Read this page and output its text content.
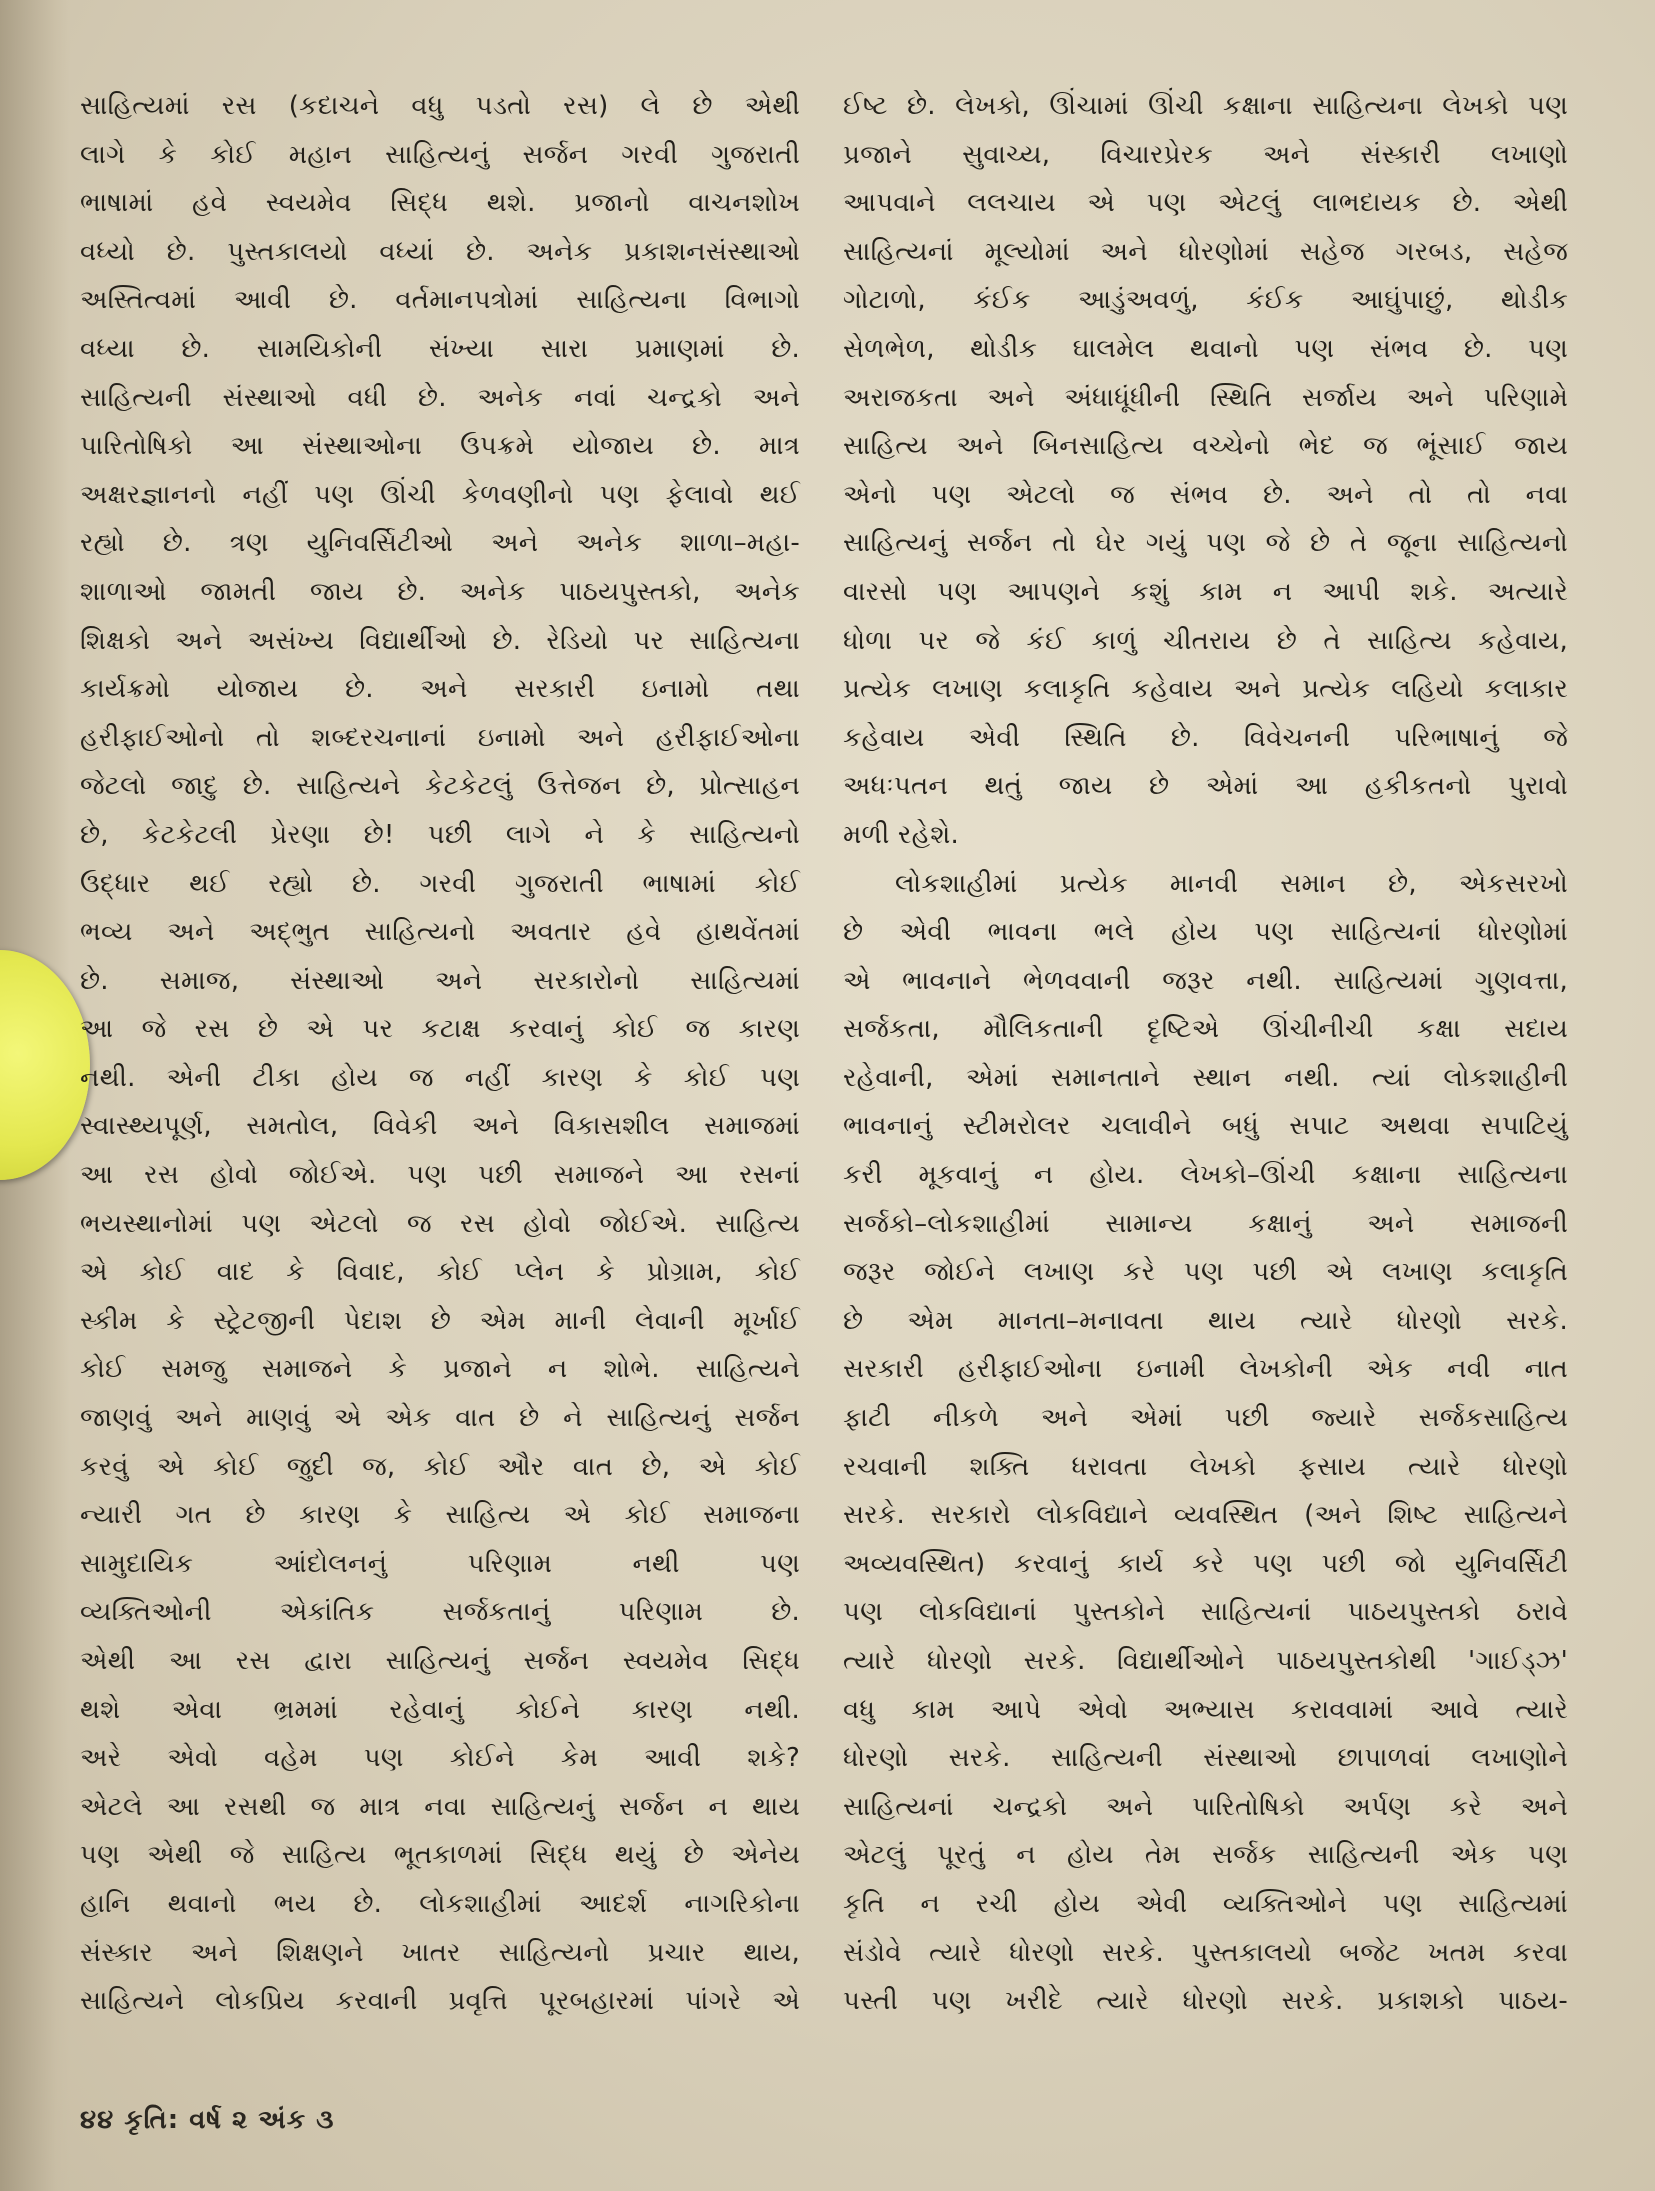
સાહિત્યમાં રસ (કદાચને વધુ પડતો રસ) લે છે એથી
લાગે કે કોઈ મહાન સાહિત્યનું સર્જન ગરવી ગુજરાતી
ભાષામાં હવે સ્વયમેવ સિદ્ધ થશે. પ્રજાનો વાચનશોખ
વધ્યો છે. પુસ્તકાલયો વધ્યાં છે. અનેક પ્રકાશનસંસ્થાઓ
અસ્તિત્વમાં આવી છે. વર્તમાનપત્રોમાં સાહિત્યના વિભાગો
વધ્યા છે. સામયિકોની સંખ્યા સારા પ્રમાણમાં છે.
સાહિત્યની સંસ્થાઓ વધી છે. અનેક નવાં ચન્દ્રકો અને
પારિતોષિકો આ સંસ્થાઓના ઉપક્રમે યોજાય છે. માત્ર
અક્ષરજ્ઞાનનો નહીં પણ ઊંચી કેળવણીનો પણ ફેલાવો થઈ
રહ્યો છે. ત્રણ યુનિવર્સિટીઓ અને અનેક શાળા–મહા-
શાળાઓ જામતી જાય છે. અનેક પાઠયપુસ્તકો, અનેક
શિક્ષકો અને અસંખ્ય વિદ્યાર્થીઓ છે. રેડિયો પર સાહિત્યના
કાર્યક્રમો યોજાય છે. અને સરકારી ઇનામો તથા
હરીફાઈઓનો તો શબ્દરચનાનાં ઇનામો અને હરીફાઈઓના
જેટલો જાદુ છે. સાહિત્યને કેટકેટલું ઉત્તેજન છે, પ્રોત્સાહન
છે, કેટકેટલી પ્રેરણા છે! પછી લાગે ને કે સાહિત્યનો
ઉદ્ધાર થઈ રહ્યો છે. ગરવી ગુજરાતી ભાષામાં કોઈ
ભવ્ય અને અદ્ભુત સાહિત્યનો અવતાર હવે હાથવેંતમાં
છે. સમાજ, સંસ્થાઓ અને સરકારોનો સાહિત્યમાં
આ જે રસ છે એ પર કટાક્ષ કરવાનું કોઈ જ કારણ
નથી. એની ટીકા હોય જ નહીં કારણ કે કોઈ પણ
સ્વાસ્થ્યપૂર્ણ, સમતોલ, વિવેકી અને વિકાસશીલ સમાજમાં
આ રસ હોવો જોઈએ. પણ પછી સમાજને આ રસનાં
ભયસ્થાનોમાં પણ એટલો જ રસ હોવો જોઈએ. સાહિત્ય
એ કોઈ વાદ કે વિવાદ, કોઈ પ્લેન કે પ્રોગ્રામ, કોઈ
સ્કીમ કે સ્ટ્રેટજીની પેદાશ છે એમ માની લેવાની મૂર્ખાઈ
કોઈ સમજુ સમાજને કે પ્રજાને ન શોભે. સાહિત્યને
જાણવું અને માણવું એ એક વાત છે ને સાહિત્યનું સર્જન
કરવું એ કોઈ જુદી જ, કોઈ ઔર વાત છે, એ કોઈ
ન્યારી ગત છે કારણ કે સાહિત્ય એ કોઈ સમાજના
સામુદાયિક આંદોલનનું પરિણામ નથી પણ
વ્યક્તિઓની એકાંતિક સર્જકતાનું પરિણામ છે.
એથી આ રસ દ્વારા સાહિત્યનું સર્જન સ્વયમેવ સિદ્ધ
થશે એવા ભ્રમમાં રહેવાનું કોઈને કારણ નથી.
અરે એવો વહેમ પણ કોઈને કેમ આવી શકે?
એટલે આ રસથી જ માત્ર નવા સાહિત્યનું સર્જન ન થાય
પણ એથી જે સાહિત્ય ભૂતકાળમાં સિદ્ધ થયું છે એનેય
હાનિ થવાનો ભય છે. લોકશાહીમાં આદર્શ નાગરિકોના
સંસ્કાર અને શિક્ષણને ખાતર સાહિત્યનો પ્રચાર થાય,
સાહિત્યને લોકપ્રિય કરવાની પ્રવૃત્તિ પૂરબહારમાં પાંગરે એ
ઈષ્ટ છે. લેખકો, ઊંચામાં ઊંચી કક્ષાના સાહિત્યના લેખકો પણ
પ્રજાને સુવાચ્ય, વિચારપ્રેરક અને સંસ્કારી લખાણો
આપવાને લલચાય એ પણ એટલું લાભદાયક છે. એથી
સાહિત્યનાં મૂલ્યોમાં અને ધોરણોમાં સહેજ ગરબડ, સહેજ
ગોટાળો, કંઈક આડુંઅવળું, કંઈક આઘુંપાછું, થોડીક
સેળભેળ, થોડીક ઘાલમેલ થવાનો પણ સંભવ છે. પણ
અરાજકતા અને અંધાધૂંધીની સ્થિતિ સર્જાય અને પરિણામે
સાહિત્ય અને બિનસાહિત્ય વચ્ચેનો ભેદ જ ભૂંસાઈ જાય
એનો પણ એટલો જ સંભવ છે. અને તો તો નવા
સાહિત્યનું સર્જન તો ઘેર ગયું પણ જે છે તે જૂના સાહિત્યનો
વારસો પણ આપણને કશું કામ ન આપી શકે. અત્યારે
ધોળા પર જે કંઈ કાળું ચીતરાય છે તે સાહિત્ય કહેવાય,
પ્રત્યેક લખાણ કલાકૃતિ કહેવાય અને પ્રત્યેક લહિયો કલાકાર
કહેવાય એવી સ્થિતિ છે. વિવેચનની પરિભાષાનું જે
અધઃપતન થતું જાય છે એમાં આ હકીકતનો પુરાવો
મળી રહેશે.
લોકશાહીમાં પ્રત્યેક માનવી સમાન છે, એકસરખો
છે એવી ભાવના ભલે હોય પણ સાહિત્યનાં ધોરણોમાં
એ ભાવનાને ભેળવવાની જરૂર નથી. સાહિત્યમાં ગુણવત્તા,
સર્જકતા, મૌલિકતાની દૃષ્ટિએ ઊંચીનીચી કક્ષા સદાય
રહેવાની, એમાં સમાનતાને સ્થાન નથી. ત્યાં લોકશાહીની
ભાવનાનું સ્ટીમરોલર ચલાવીને બધું સપાટ અથવા સપાટિયું
કરી મૂકવાનું ન હોય. લેખકો–ઊંચી કક્ષાના સાહિત્યના
સર્જકો–લોકશાહીમાં સામાન્ય કક્ષાનું અને સમાજની
જરૂર જોઈને લખાણ કરે પણ પછી એ લખાણ કલાકૃતિ
છે એમ માનતા–મનાવતા થાય ત્યારે ધોરણો સરકે.
સરકારી હરીફાઈઓના ઇનામી લેખકોની એક નવી નાત
ફાટી નીકળે અને એમાં પછી જ્યારે સર્જકસાહિત્ય
રચવાની શક્તિ ધરાવતા લેખકો ફસાય ત્યારે ધોરણો
સરકે. સરકારો લોકવિદ્યાને વ્યવસ્થિત (અને શિષ્ટ સાહિત્યને
અવ્યવસ્થિત) કરવાનું કાર્ય કરે પણ પછી જો યુનિવર્સિટી
પણ લોકવિદ્યાનાં પુસ્તકોને સાહિત્યનાં પાઠયપુસ્તકો ઠરાવે
ત્યારે ધોરણો સરકે. વિદ્યાર્થીઓને પાઠયપુસ્તકોથી 'ગાઈડ્ઝ'
વધુ કામ આપે એવો અભ્યાસ કરાવવામાં આવે ત્યારે
ધોરણો સરકે. સાહિત્યની સંસ્થાઓ છાપાળવાં લખાણોને
સાહિત્યનાં ચન્દ્રકો અને પારિતોષિકો અર્પણ કરે અને
એટલું પૂરતું ન હોય તેમ સર્જક સાહિત્યની એક પણ
કૃતિ ન રચી હોય એવી વ્યક્તિઓને પણ સાહિત્યમાં
સંડોવે ત્યારે ધોરણો સરકે. પુસ્તકાલયો બજેટ ખતમ કરવા
પસ્તી પણ ખરીદે ત્યારે ધોરણો સરકે. પ્રકાશકો પાઠય-
૪૪ કૃતિ: વર્ષ ૨ અંક ૩
